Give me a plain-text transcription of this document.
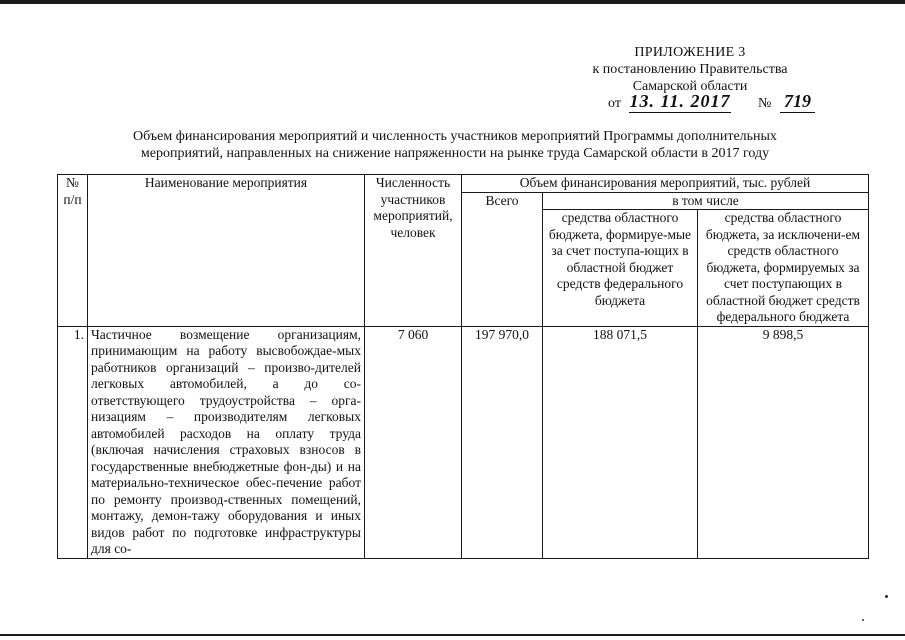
ПРИЛОЖЕНИЕ 3
к постановлению Правительства
Самарской области
от 13. 11. 2017 № 719
Объем финансирования мероприятий и численность участников мероприятий Программы дополнительных
мероприятий, направленных на снижение напряженности на рынке труда Самарской области в 2017 году
№ п/п	Наименование мероприятия	Численность участников мероприятий, человек	Объем финансирования мероприятий, тыс. рублей		
			Всего	в том числе	
				средства областного бюджета, формируе-мые за счет поступа-ющих в областной бюджет средств федерального бюджета	средства областного бюджета, за исключени-ем средств областного бюджета, формируемых за счет поступающих в областной бюджет средств федерального бюджета
1.	Частичное возмещение организациям, принимающим на работу высвобождае-мых работников организаций – произво-дителей легковых автомобилей, а до со-ответствующего трудоустройства – орга-низациям – производителям легковых автомобилей расходов на оплату труда (включая начисления страховых взносов в государственные внебюджетные фон-ды) и на материально-техническое обес-печение работ по ремонту производ-ственных помещений, монтажу, демон-тажу оборудования и иных видов работ по подготовке инфраструктуры для со-	7 060	197 970,0	188 071,5	9 898,5
